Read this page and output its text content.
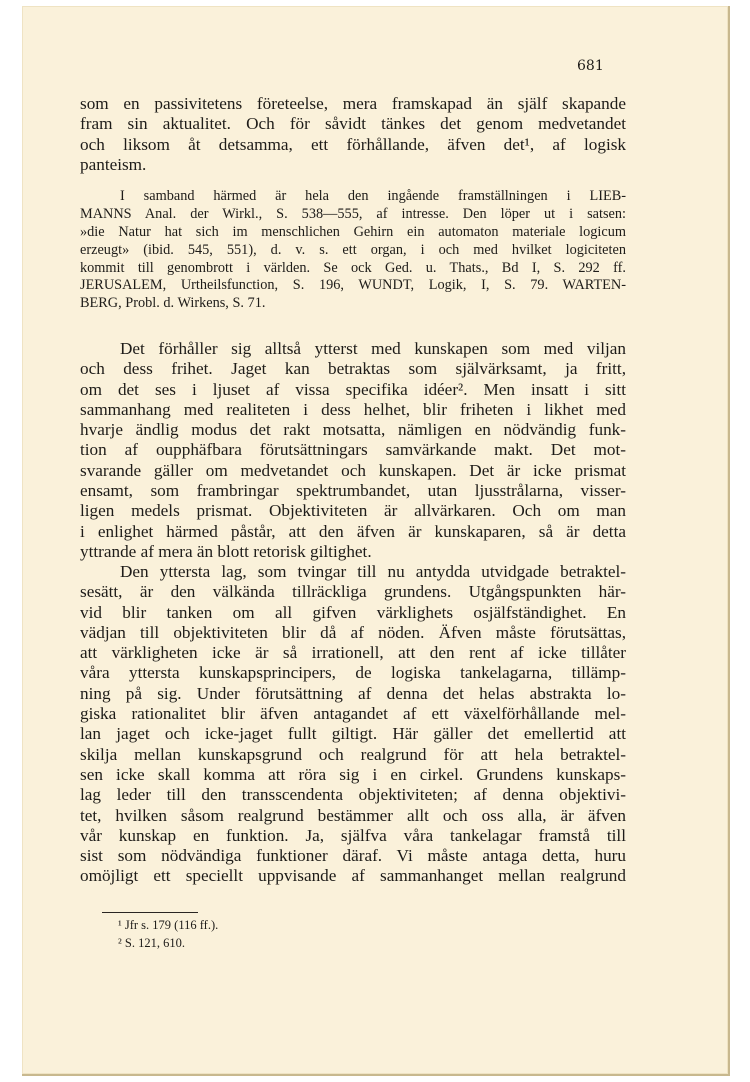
681
som en passivitetens företeelse, mera framskapad än själf skapande
fram sin aktualitet. Och för såvidt tänkes det genom medvetandet
och liksom åt detsamma, ett förhållande, äfven det¹, af logisk
panteism.
I samband härmed är hela den ingående framställningen i LIEB-
MANNS Anal. der Wirkl., S. 538—555, af intresse. Den löper ut i satsen:
»die Natur hat sich im menschlichen Gehirn ein automaton materiale logicum
erzeugt» (ibid. 545, 551), d. v. s. ett organ, i och med hvilket logiciteten
kommit till genombrott i världen. Se ock Ged. u. Thats., Bd I, S. 292 ff.
JERUSALEM, Urtheilsfunction, S. 196, WUNDT, Logik, I, S. 79. WARTEN-
BERG, Probl. d. Wirkens, S. 71.
Det förhåller sig alltså ytterst med kunskapen som med viljan
och dess frihet. Jaget kan betraktas som självärksamt, ja fritt,
om det ses i ljuset af vissa specifika idéer². Men insatt i sitt
sammanhang med realiteten i dess helhet, blir friheten i likhet med
hvarje ändlig modus det rakt motsatta, nämligen en nödvändig funk-
tion af oupphäfbara förutsättningars samvärkande makt. Det mot-
svarande gäller om medvetandet och kunskapen. Det är icke prismat
ensamt, som frambringar spektrumbandet, utan ljusstrålarna, visser-
ligen medels prismat. Objektiviteten är allvärkaren. Och om man
i enlighet härmed påstår, att den äfven är kunskaparen, så är detta
yttrande af mera än blott retorisk giltighet.
Den yttersta lag, som tvingar till nu antydda utvidgade betraktel-
sesätt, är den välkända tillräckliga grundens. Utgångspunkten här-
vid blir tanken om all gifven värklighets osjälfständighet. En
vädjan till objektiviteten blir då af nöden. Äfven måste förutsättas,
att värkligheten icke är så irrationell, att den rent af icke tillåter
våra yttersta kunskapsprincipers, de logiska tankelagarna, tillämp-
ning på sig. Under förutsättning af denna det helas abstrakta lo-
giska rationalitet blir äfven antagandet af ett växelförhållande mel-
lan jaget och icke-jaget fullt giltigt. Här gäller det emellertid att
skilja mellan kunskapsgrund och realgrund för att hela betraktel-
sen icke skall komma att röra sig i en cirkel. Grundens kunskaps-
lag leder till den transscendenta objektiviteten; af denna objektivi-
tet, hvilken såsom realgrund bestämmer allt och oss alla, är äfven
vår kunskap en funktion. Ja, själfva våra tankelagar framstå till
sist som nödvändiga funktioner däraf. Vi måste antaga detta, huru
omöjligt ett speciellt uppvisande af sammanhanget mellan realgrund
¹ Jfr s. 179 (116 ff.).
² S. 121, 610.
